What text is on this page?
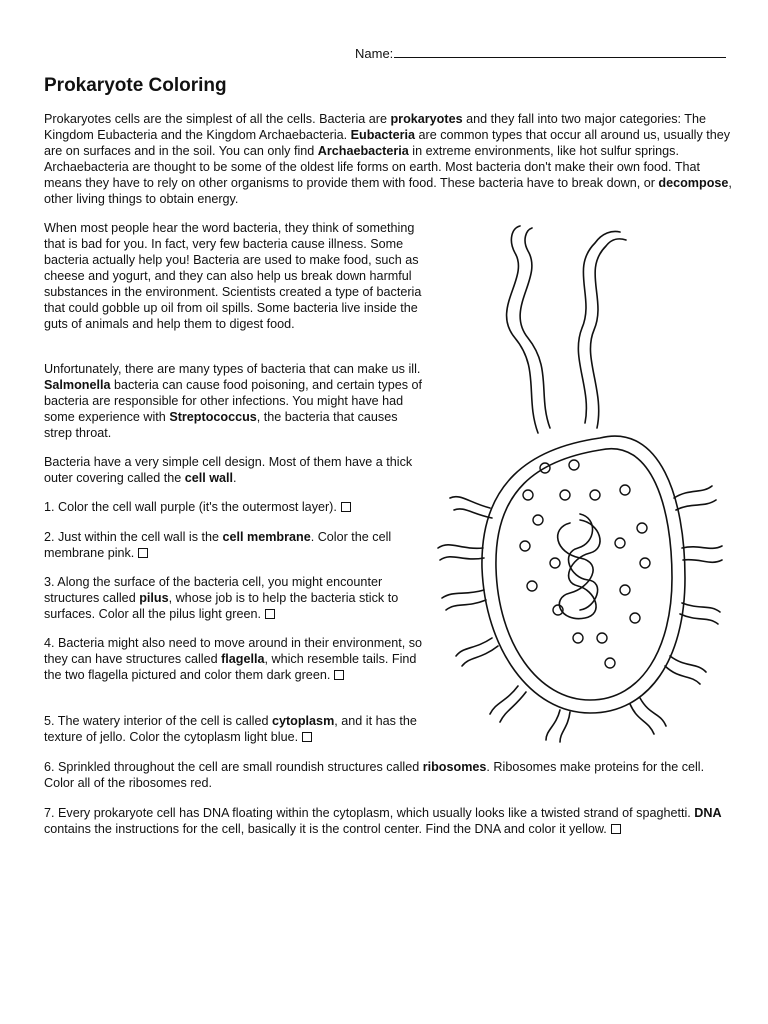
Name:
Prokaryote Coloring

Prokaryotes cells are the simplest of all the cells. Bacteria are prokaryotes and they fall into two major categories: The Kingdom Eubacteria and the Kingdom Archaebacteria. Eubacteria are common types that occur all around us, usually they are on surfaces and in the soil. You can only find Archaebacteria in extreme environments, like hot sulfur springs. Archaebacteria are thought to be some of the oldest life forms on earth. Most bacteria don't make their own food. That means they have to rely on other organisms to provide them with food. These bacteria have to break down, or decompose, other living things to obtain energy.

When most people hear the word bacteria, they think of something that is bad for you. In fact, very few bacteria cause illness. Some bacteria actually help you! Bacteria are used to make food, such as cheese and yogurt, and they can also help us break down harmful substances in the environment. Scientists created a type of bacteria that could gobble up oil from oil spills. Some bacteria live inside the guts of animals and help them to digest food.

Unfortunately, there are many types of bacteria that can make us ill. Salmonella bacteria can cause food poisoning, and certain types of bacteria are responsible for other infections. You might have had some experience with Streptococcus, the bacteria that causes strep throat.

Bacteria have a very simple cell design. Most of them have a thick outer covering called the cell wall.

1. Color the cell wall purple (it's the outermost layer).

2. Just within the cell wall is the cell membrane. Color the cell membrane pink.

3. Along the surface of the bacteria cell, you might encounter structures called pilus, whose job is to help the bacteria stick to surfaces. Color all the pilus light green.

4. Bacteria might also need to move around in their environment, so they can have structures called flagella, which resemble tails. Find the two flagella pictured and color them dark green.

5. The watery interior of the cell is called cytoplasm, and it has the texture of jello. Color the cytoplasm light blue.

6. Sprinkled throughout the cell are small roundish structures called ribosomes. Ribosomes make proteins for the cell. Color all of the ribosomes red.

7. Every prokaryote cell has DNA floating within the cytoplasm, which usually looks like a twisted strand of spaghetti. DNA contains the instructions for the cell, basically it is the control center. Find the DNA and color it yellow.
